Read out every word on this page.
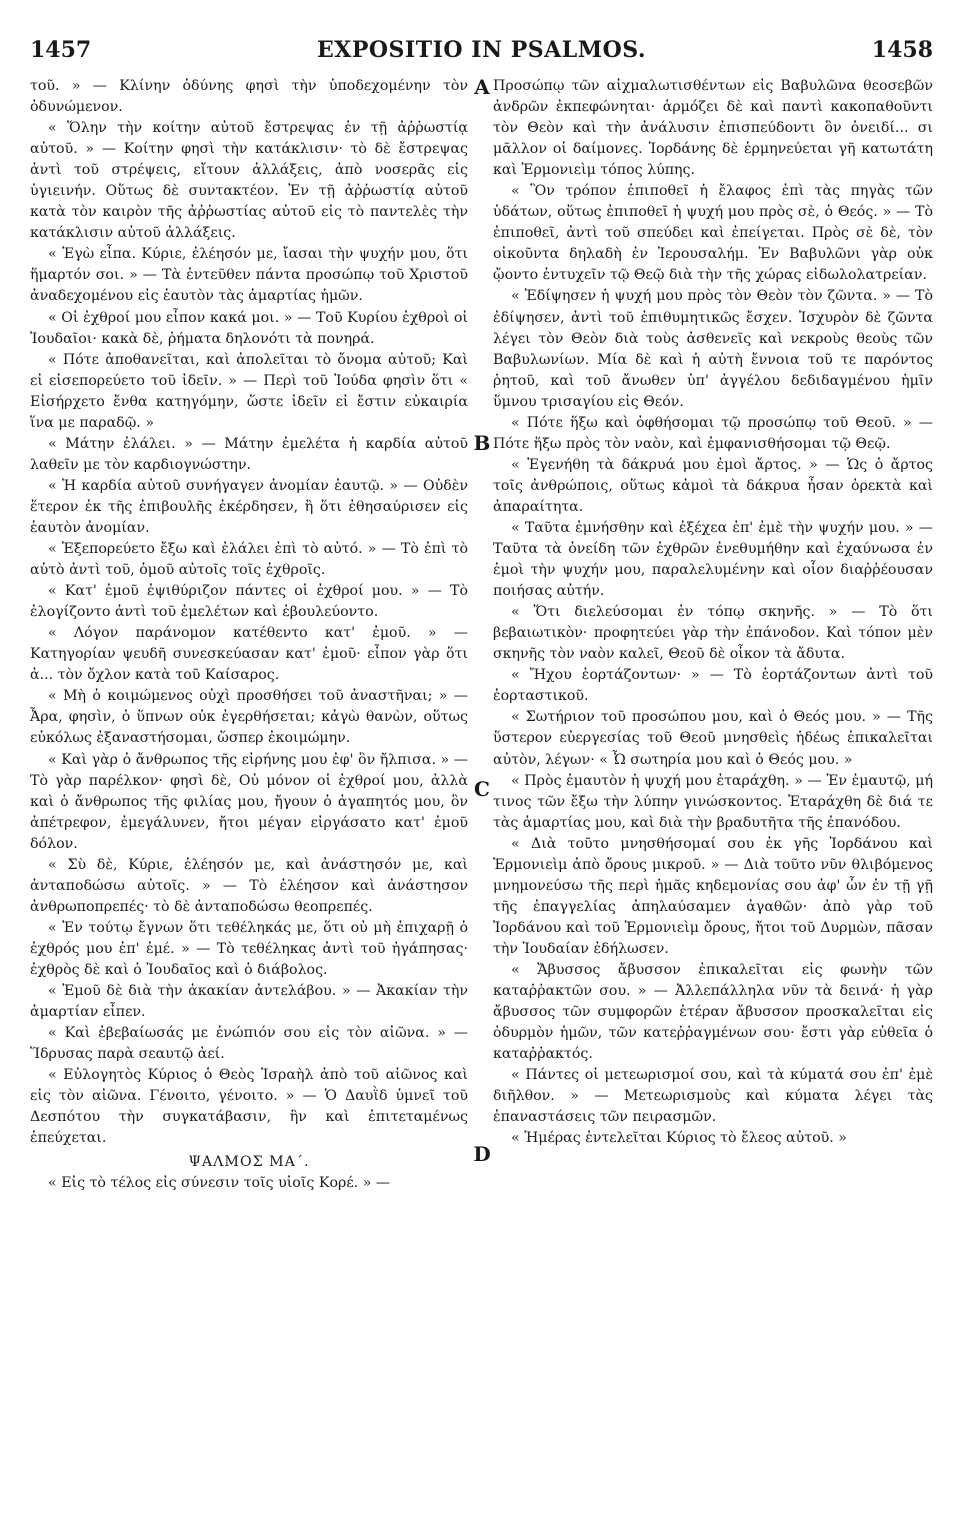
1457	EXPOSITIO IN PSALMOS.	1458
A
B
C
D

τοῦ. » — Κλίνην ὀδύνης φησὶ τὴν ὑποδεχομένην τὸν ὀδυνώμενον.

« Ὅλην τὴν κοίτην αὐτοῦ ἔστρεψας ἐν τῇ ἀῤῥωστίᾳ αὐτοῦ. » — Κοίτην φησὶ τὴν κατάκλισιν· τὸ δὲ ἔστρεψας ἀντὶ τοῦ στρέψεις, εἴτουν ἀλλάξεις, ἀπὸ νοσερᾶς εἰς ὑγιεινήν. Οὕτως δὲ συντακτέον. Ἐν τῇ ἀῤῥωστίᾳ αὐτοῦ κατὰ τὸν καιρὸν τῆς ἀῤῥωστίας αὐτοῦ εἰς τὸ παντελὲς τὴν κατάκλισιν αὐτοῦ ἀλλάξεις.

« Ἐγὼ εἶπα. Κύριε, ἐλέησόν με, ἴασαι τὴν ψυχήν μου, ὅτι ἥμαρτόν σοι. » — Τὰ ἐντεῦθεν πάντα προσώπῳ τοῦ Χριστοῦ ἀναδεχομένου εἰς ἑαυτὸν τὰς ἁμαρτίας ἡμῶν.

« Οἱ ἐχθροί μου εἶπον κακά μοι. » — Τοῦ Κυρίου ἐχθροὶ οἱ Ἰουδαῖοι· κακὰ δὲ, ῥήματα δηλονότι τὰ πονηρά.

« Πότε ἀποθανεῖται, καὶ ἀπολεῖται τὸ ὄνομα αὐτοῦ; Καὶ εἰ εἰσεπορεύετο τοῦ ἰδεῖν. » — Περὶ τοῦ Ἰούδα φησὶν ὅτι « Εἰσήρχετο ἔνθα κατηγόμην, ὥστε ἰδεῖν εἰ ἔστιν εὐκαιρία ἵνα με παραδῷ. »

« Μάτην ἐλάλει. » — Μάτην ἐμελέτα ἡ καρδία αὐτοῦ λαθεῖν με τὸν καρδιογνώστην.

« Ἡ καρδία αὐτοῦ συνήγαγεν ἀνομίαν ἑαυτῷ. » — Οὐδὲν ἕτερον ἐκ τῆς ἐπιβουλῆς ἐκέρδησεν, ἢ ὅτι ἐθησαύρισεν εἰς ἑαυτὸν ἀνομίαν.

« Ἐξεπορεύετο ἔξω καὶ ἐλάλει ἐπὶ τὸ αὐτό. » — Τὸ ἐπὶ τὸ αὐτὸ ἀντὶ τοῦ, ὁμοῦ αὐτοῖς τοῖς ἐχθροῖς.

« Κατ' ἐμοῦ ἐψιθύριζον πάντες οἱ ἐχθροί μου. » — Τὸ ἐλογίζοντο ἀντὶ τοῦ ἐμελέτων καὶ ἐβουλεύοντο.

« Λόγον παράνομον κατέθεντο κατ' ἐμοῦ. » — Κατηγορίαν ψευδῆ συνεσκεύασαν κατ' ἐμοῦ· εἶπον γὰρ ὅτι ἀ... τὸν ὄχλον κατὰ τοῦ Καίσαρος.

« Μὴ ὁ κοιμώμενος οὐχὶ προσθήσει τοῦ ἀναστῆναι; » — Ἆρα, φησὶν, ὁ ὕπνων οὐκ ἐγερθήσεται; κἀγὼ θανὼν, οὕτως εὐκόλως ἐξαναστήσομαι, ὥσπερ ἐκοιμώμην.

« Καὶ γὰρ ὁ ἄνθρωπος τῆς εἰρήνης μου ἐφ' ὃν ἤλπισα. » — Τὸ γὰρ παρέλκον· φησὶ δὲ, Οὐ μόνον οἱ ἐχθροί μου, ἀλλὰ καὶ ὁ ἄνθρωπος τῆς φιλίας μου, ἤγουν ὁ ἀγαπητός μου, ὃν ἀπέτρεφον, ἐμεγάλυνεν, ἤτοι μέγαν εἰργάσατο κατ' ἐμοῦ δόλον.

« Σὺ δὲ, Κύριε, ἐλέησόν με, καὶ ἀνάστησόν με, καὶ ἀνταποδώσω αὐτοῖς. » — Τὸ ἐλέησον καὶ ἀνάστησον ἀνθρωποπρεπές· τὸ δὲ ἀνταποδώσω θεοπρεπές.

« Ἐν τούτῳ ἔγνων ὅτι τεθέληκάς με, ὅτι οὐ μὴ ἐπιχαρῇ ὁ ἐχθρός μου ἐπ' ἐμέ. » — Τὸ τεθέληκας ἀντὶ τοῦ ἠγάπησας· ἐχθρὸς δὲ καὶ ὁ Ἰουδαῖος καὶ ὁ διάβολος.

« Ἐμοῦ δὲ διὰ τὴν ἀκακίαν ἀντελάβου. » — Ἀκακίαν τὴν ἀμαρτίαν εἶπεν.

« Καὶ ἐβεβαίωσάς με ἐνώπιόν σου εἰς τὸν αἰῶνα. » — Ἵδρυσας παρὰ σεαυτῷ ἀεί.

« Εὐλογητὸς Κύριος ὁ Θεὸς Ἰσραὴλ ἀπὸ τοῦ αἰῶνος καὶ εἰς τὸν αἰῶνα. Γένοιτο, γένοιτο. » — Ὁ Δαυῒδ ὑμνεῖ τοῦ Δεσπότου τὴν συγκατάβασιν, ἣν καὶ ἐπιτεταμένως ἐπεύχεται.

ΨΑΛΜΟΣ ΜΑ΄.

« Εἰς τὸ τέλος εἰς σύνεσιν τοῖς υἱοῖς Κορέ. » —

Προσώπῳ τῶν αἰχμαλωτισθέντων εἰς Βαβυλῶνα θεοσεβῶν ἀνδρῶν ἐκπεφώνηται· ἁρμόζει δὲ καὶ παντὶ κακοπαθοῦντι τὸν Θεὸν καὶ τὴν ἀνάλυσιν ἐπισπεύδοντι ὃν ὀνειδί... σι μᾶλλον οἱ δαίμονες. Ἰορδάνης δὲ ἑρμηνεύεται γῆ κατωτάτη καὶ Ἑρμονιεὶμ τόπος λύπης.

« Ὃν τρόπον ἐπιποθεῖ ἡ ἔλαφος ἐπὶ τὰς πηγὰς τῶν ὑδάτων, οὕτως ἐπιποθεῖ ἡ ψυχή μου πρὸς σὲ, ὁ Θεός. » — Τὸ ἐπιποθεῖ, ἀντὶ τοῦ σπεύδει καὶ ἐπείγεται. Πρὸς σὲ δὲ, τὸν οἰκοῦντα δηλαδὴ ἐν Ἱερουσαλήμ. Ἐν Βαβυλῶνι γὰρ οὐκ ᾤοντο ἐντυχεῖν τῷ Θεῷ διὰ τὴν τῆς χώρας εἰδωλολατρείαν.

« Ἐδίψησεν ἡ ψυχή μου πρὸς τὸν Θεὸν τὸν ζῶντα. » — Τὸ ἐδίψησεν, ἀντὶ τοῦ ἐπιθυμητικῶς ἔσχεν. Ἰσχυρὸν δὲ ζῶντα λέγει τὸν Θεὸν διὰ τοὺς ἀσθενεῖς καὶ νεκροὺς θεοὺς τῶν Βαβυλωνίων. Μία δὲ καὶ ἡ αὐτὴ ἔννοια τοῦ τε παρόντος ῥητοῦ, καὶ τοῦ ἄνωθεν ὑπ' ἀγγέλου δεδιδαγμένου ἡμῖν ὕμνου τρισαγίου εἰς Θεόν.

« Πότε ἥξω καὶ ὀφθήσομαι τῷ προσώπῳ τοῦ Θεοῦ. » — Πότε ἥξω πρὸς τὸν ναὸν, καὶ ἐμφανισθήσομαι τῷ Θεῷ.

« Ἐγενήθη τὰ δάκρυά μου ἐμοὶ ἄρτος. » — Ὡς ὁ ἄρτος τοῖς ἀνθρώποις, οὕτως κἀμοὶ τὰ δάκρυα ἦσαν ὀρεκτὰ καὶ ἀπαραίτητα.

« Ταῦτα ἐμνήσθην καὶ ἐξέχεα ἐπ' ἐμὲ τὴν ψυχήν μου. » — Ταῦτα τὰ ὀνείδη τῶν ἐχθρῶν ἐνεθυμήθην καὶ ἐχαύνωσα ἐν ἐμοὶ τὴν ψυχήν μου, παραλελυμένην καὶ οἷον διαῤῥέουσαν ποιήσας αὐτήν.

« Ὅτι διελεύσομαι ἐν τόπῳ σκηνῆς. » — Τὸ ὅτι βεβαιωτικὸν· προφητεύει γὰρ τὴν ἐπάνοδον. Καὶ τόπον μὲν σκηνῆς τὸν ναὸν καλεῖ, Θεοῦ δὲ οἶκον τὰ ἄδυτα.

« Ἤχου ἑορτάζοντων· » — Τὸ ἑορτάζοντων ἀντὶ τοῦ ἑορταστικοῦ.

« Σωτήριον τοῦ προσώπου μου, καὶ ὁ Θεός μου. » — Τῆς ὕστερον εὐεργεσίας τοῦ Θεοῦ μνησθεὶς ἡδέως ἐπικαλεῖται αὐτὸν, λέγων· « Ὦ σωτηρία μου καὶ ὁ Θεός μου. »

« Πρὸς ἐμαυτὸν ἡ ψυχή μου ἐταράχθη. » — Ἐν ἐμαυτῷ, μή τινος τῶν ἔξω τὴν λύπην γινώσκοντος. Ἐταράχθη δὲ διά τε τὰς ἁμαρτίας μου, καὶ διὰ τὴν βραδυτῆτα τῆς ἐπανόδου.

« Διὰ τοῦτο μνησθήσομαί σου ἐκ γῆς Ἰορδάνου καὶ Ἑρμονιεὶμ ἀπὸ ὄρους μικροῦ. » — Διὰ τοῦτο νῦν θλιβόμενος μνημονεύσω τῆς περὶ ἡμᾶς κηδεμονίας σου ἀφ' ὧν ἐν τῇ γῇ τῆς ἐπαγγελίας ἀπηλαύσαμεν ἀγαθῶν· ἀπὸ γὰρ τοῦ Ἰορδάνου καὶ τοῦ Ἑρμονιεὶμ ὄρους, ἤτοι τοῦ Δυρμὼν, πᾶσαν τὴν Ἰουδαίαν ἐδήλωσεν.

« Ἄβυσσος ἄβυσσον ἐπικαλεῖται εἰς φωνὴν τῶν καταῤῥακτῶν σου. » — Ἀλλεπάλληλα νῦν τὰ δεινά· ἡ γὰρ ἄβυσσος τῶν συμφορῶν ἑτέραν ἄβυσσον προσκαλεῖται εἰς ὀδυρμὸν ἡμῶν, τῶν κατεῤῥαγμένων σου· ἔστι γὰρ εὐθεῖα ὁ καταῤῥακτός.

« Πάντες οἱ μετεωρισμοί σου, καὶ τὰ κύματά σου ἐπ' ἐμὲ διῆλθον. » — Μετεωρισμοὺς καὶ κύματα λέγει τὰς ἐπαναστάσεις τῶν πειρασμῶν.

« Ἡμέρας ἐντελεῖται Κύριος τὸ ἔλεος αὐτοῦ. »
